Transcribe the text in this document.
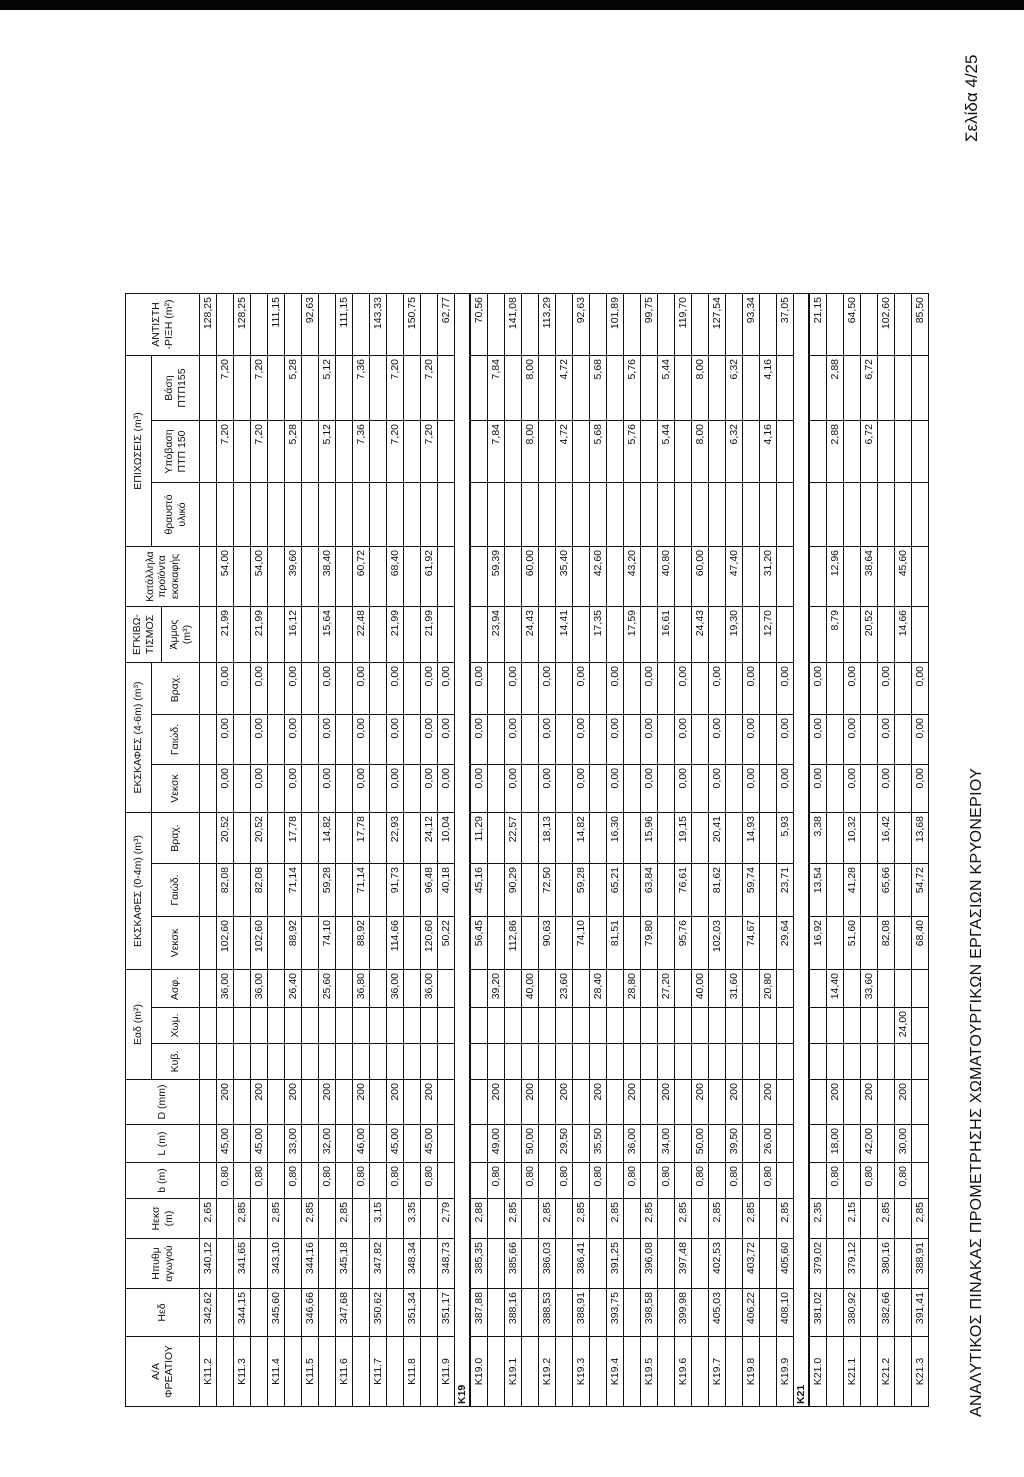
Α/Α ΦΡΕΑΤΙΟΥ	Ηεδ	Ηπυθμ αγωγού	Ηεκσ (m)	b (m)	L (m)	D (mm)	Εαδ (m²)			ΕΚΣΚΑΦΕΣ (0-4m) (m³)			ΕΚΣΚΑΦΕΣ (4-6m) (m³)			ΕΓΚΙΒΩ-ΤΙΣΜΟΣ	Κατάλληλα προϊόντα εκσκαφής	ΕΠΙΧΩΣΕΙΣ (m³)			ΑΝΤΙΣΤΗ -ΡΙΞΗ (m²)
							Κυβ.	Χωμ.	Ασφ.	Vεκσκ	Γαιώδ.	Βραχ.	Vεκσκ	Γαιώδ.	Βραχ.			θραυστό υλικό	Υπόβαση ΠΤΠ 150	Βάση ΠΤΠ155	
																Άμμος (m³)					
Κ11.2	342,62	340,12	2,65																		128,25
				0,80	45,00	200			36,00	102,60	82,08	20,52	0,00	0,00	0,00	21,99	54,00		7,20	7,20	
Κ11.3	344,15	341,65	2,85																		128,25
				0,80	45,00	200			36,00	102,60	82,08	20,52	0,00	0,00	0,00	21,99	54,00		7,20	7,20	
Κ11.4	345,60	343,10	2,85																		111,15
				0,80	33,00	200			26,40	88,92	71,14	17,78	0,00	0,00	0,00	16,12	39,60		5,28	5,28	
Κ11.5	346,66	344,16	2,85																		92,63
				0,80	32,00	200			25,60	74,10	59,28	14,82	0,00	0,00	0,00	15,64	38,40		5,12	5,12	
Κ11.6	347,68	345,18	2,85																		111,15
				0,80	46,00	200			36,80	88,92	71,14	17,78	0,00	0,00	0,00	22,48	60,72		7,36	7,36	
Κ11.7	350,62	347,82	3,15																		143,33
				0,80	45,00	200			36,00	114,66	91,73	22,93	0,00	0,00	0,00	21,99	68,40		7,20	7,20	
Κ11.8	351,34	348,34	3,35																		150,75
				0,80	45,00	200			36,00	120,60	96,48	24,12	0,00	0,00	0,00	21,99	61,92		7,20	7,20	
Κ11.9	351,17	348,73	2,79							50,22	40,18	10,04	0,00	0,00	0,00						62,77
Κ19																					
Κ19.0	387,88	385,35	2,88							56,45	45,16	11,29	0,00	0,00	0,00						70,56
				0,80	49,00	200			39,20							23,94	59,39		7,84	7,84	
Κ19.1	388,16	385,66	2,85							112,86	90,29	22,57	0,00	0,00	0,00						141,08
				0,80	50,00	200			40,00							24,43	60,00		8,00	8,00	
Κ19.2	388,53	386,03	2,85							90,63	72,50	18,13	0,00	0,00	0,00						113,29
				0,80	29,50	200			23,60							14,41	35,40		4,72	4,72	
Κ19.3	388,91	386,41	2,85							74,10	59,28	14,82	0,00	0,00	0,00						92,63
				0,80	35,50	200			28,40							17,35	42,60		5,68	5,68	
Κ19.4	393,75	391,25	2,85							81,51	65,21	16,30	0,00	0,00	0,00						101,89
				0,80	36,00	200			28,80							17,59	43,20		5,76	5,76	
Κ19.5	398,58	396,08	2,85							79,80	63,84	15,96	0,00	0,00	0,00						99,75
				0,80	34,00	200			27,20							16,61	40,80		5,44	5,44	
Κ19.6	399,98	397,48	2,85							95,76	76,61	19,15	0,00	0,00	0,00						119,70
				0,80	50,00	200			40,00							24,43	60,00		8,00	8,00	
Κ19.7	405,03	402,53	2,85							102,03	81,62	20,41	0,00	0,00	0,00						127,54
				0,80	39,50	200			31,60							19,30	47,40		6,32	6,32	
Κ19.8	406,22	403,72	2,85							74,67	59,74	14,93	0,00	0,00	0,00						93,34
				0,80	26,00	200			20,80							12,70	31,20		4,16	4,16	
Κ19.9	408,10	405,60	2,85							29,64	23,71	5,93	0,00	0,00	0,00						37,05
Κ21																					
Κ21.0	381,02	379,02	2,35							16,92	13,54	3,38	0,00	0,00	0,00						21,15
				0,80	18,00	200			14,40							8,79	12,96		2,88	2,88	
Κ21.1	380,92	379,12	2,15							51,60	41,28	10,32	0,00	0,00	0,00						64,50
				0,80	42,00	200			33,60							20,52	38,64		6,72	6,72	
Κ21.2	382,66	380,16	2,85							82,08	65,66	16,42	0,00	0,00	0,00						102,60
				0,80	30,00	200		24,00								14,66	45,60				
Κ21.3	391,41	388,91	2,85							68,40	54,72	13,68	0,00	0,00	0,00						85,50
ΑΝΑΛΥΤΙΚΟΣ ΠΙΝΑΚΑΣ ΠΡΟΜΕΤΡΗΣΗΣ ΧΩΜΑΤΟΥΡΓΙΚΩΝ ΕΡΓΑΣΙΩΝ ΚΡΥΟΝΕΡΙΟΥ
Σελίδα 4/25
